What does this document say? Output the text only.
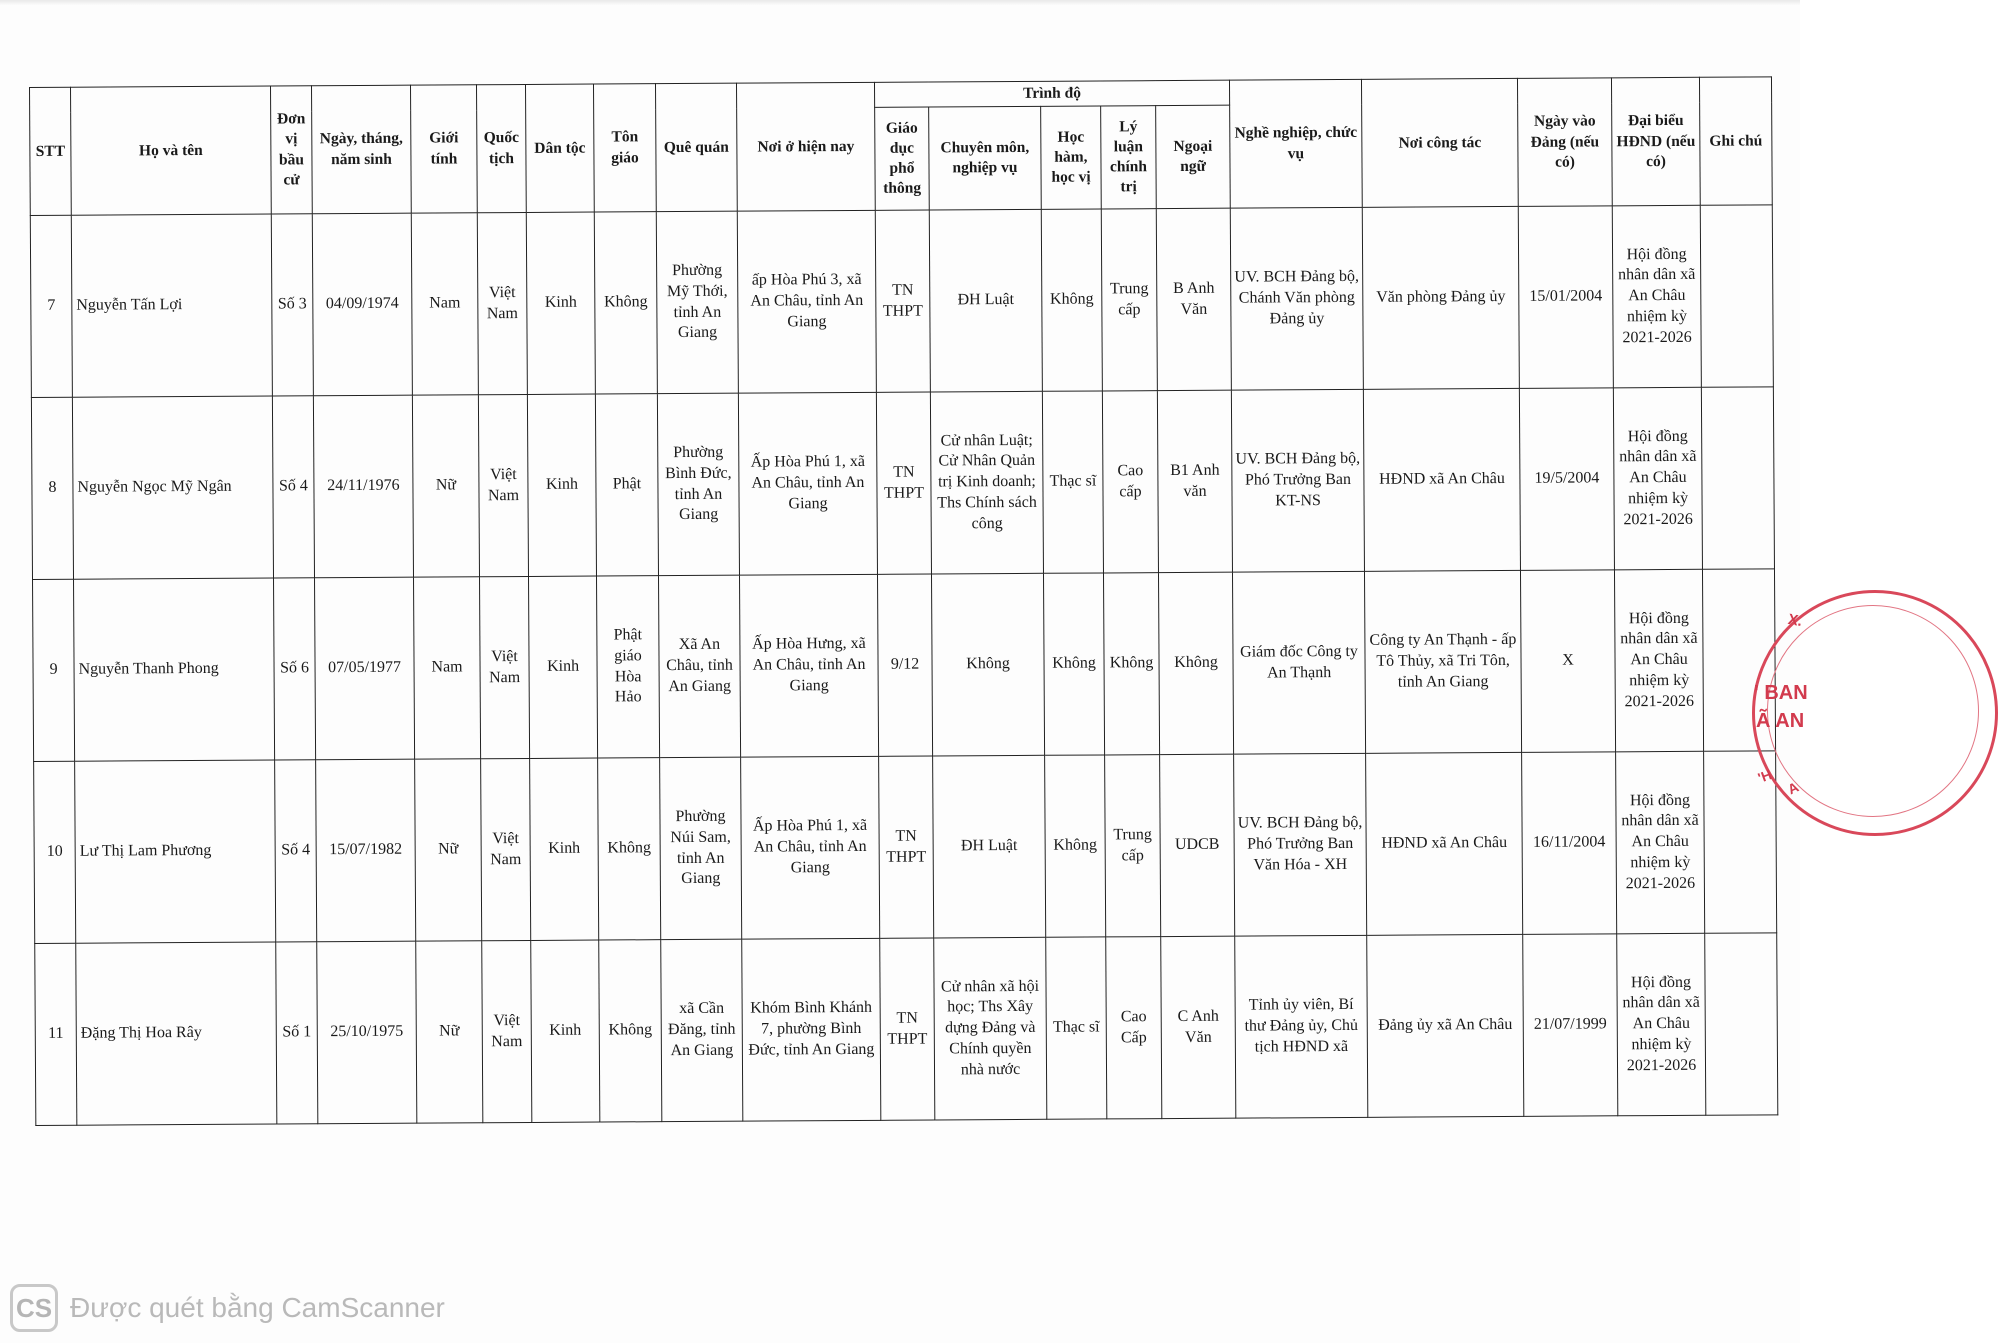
STT	Họ và tên	Đơn vị bầu cử	Ngày, tháng, năm sinh	Giới tính	Quốc tịch	Dân tộc	Tôn giáo	Quê quán	Nơi ở hiện nay	Trình độ					Nghề nghiệp, chức vụ	Nơi công tác	Ngày vào Đảng (nếu có)	Đại biểu HĐND (nếu có)	Ghi chú
										Giáo dục phổ thông	Chuyên môn, nghiệp vụ	Học hàm, học vị	Lý luận chính trị	Ngoại ngữ					
7	Nguyễn Tấn Lợi	Số 3	04/09/1974	Nam	Việt Nam	Kinh	Không	Phường Mỹ Thới, tỉnh An Giang	ấp Hòa Phú 3, xã An Châu, tỉnh An Giang	TN THPT	ĐH Luật	Không	Trung cấp	B Anh Văn	UV. BCH Đảng bộ, Chánh Văn phòng Đảng ủy	Văn phòng Đảng ủy	15/01/2004	Hội đồng nhân dân xã An Châu nhiệm kỳ 2021-2026	
8	Nguyễn Ngọc Mỹ Ngân	Số 4	24/11/1976	Nữ	Việt Nam	Kinh	Phật	Phường Bình Đức, tỉnh An Giang	Ấp Hòa Phú 1, xã An Châu, tỉnh An Giang	TN THPT	Cử nhân Luật; Cử Nhân Quản trị Kinh doanh; Ths Chính sách công	Thạc sĩ	Cao cấp	B1 Anh văn	UV. BCH Đảng bộ, Phó Trưởng Ban KT-NS	HĐND xã An Châu	19/5/2004	Hội đồng nhân dân xã An Châu nhiệm kỳ 2021-2026	
9	Nguyễn Thanh Phong	Số 6	07/05/1977	Nam	Việt Nam	Kinh	Phật giáo Hòa Hảo	Xã An Châu, tỉnh An Giang	Ấp Hòa Hưng, xã An Châu, tỉnh An Giang	9/12	Không	Không	Không	Không	Giám đốc Công ty An Thạnh	Công ty An Thạnh - ấp Tô Thủy, xã Tri Tôn, tỉnh An Giang	X	Hội đồng nhân dân xã An Châu nhiệm kỳ 2021-2026	
10	Lư Thị Lam Phương	Số 4	15/07/1982	Nữ	Việt Nam	Kinh	Không	Phường Núi Sam, tỉnh An Giang	Ấp Hòa Phú 1, xã An Châu, tỉnh An Giang	TN THPT	ĐH Luật	Không	Trung cấp	UDCB	UV. BCH Đảng bộ, Phó Trưởng Ban Văn Hóa - XH	HĐND xã An Châu	16/11/2004	Hội đồng nhân dân xã An Châu nhiệm kỳ 2021-2026	
11	Đặng Thị Hoa Rây	Số 1	25/10/1975	Nữ	Việt Nam	Kinh	Không	xã Cần Đăng, tỉnh An Giang	Khóm Bình Khánh 7, phường Bình Đức, tỉnh An Giang	TN THPT	Cử nhân xã hội học; Ths Xây dựng Đảng và Chính quyền nhà nước	Thạc sĩ	Cao Cấp	C Anh Văn	Tỉnh ủy viên, Bí thư Đảng ủy, Chủ tịch HĐND xã	Đảng ủy xã An Châu	21/07/1999	Hội đồng nhân dân xã An Châu nhiệm kỳ 2021-2026	
X.
' BAN
Ã AN
'H
A
CS Được quét bằng CamScanner
